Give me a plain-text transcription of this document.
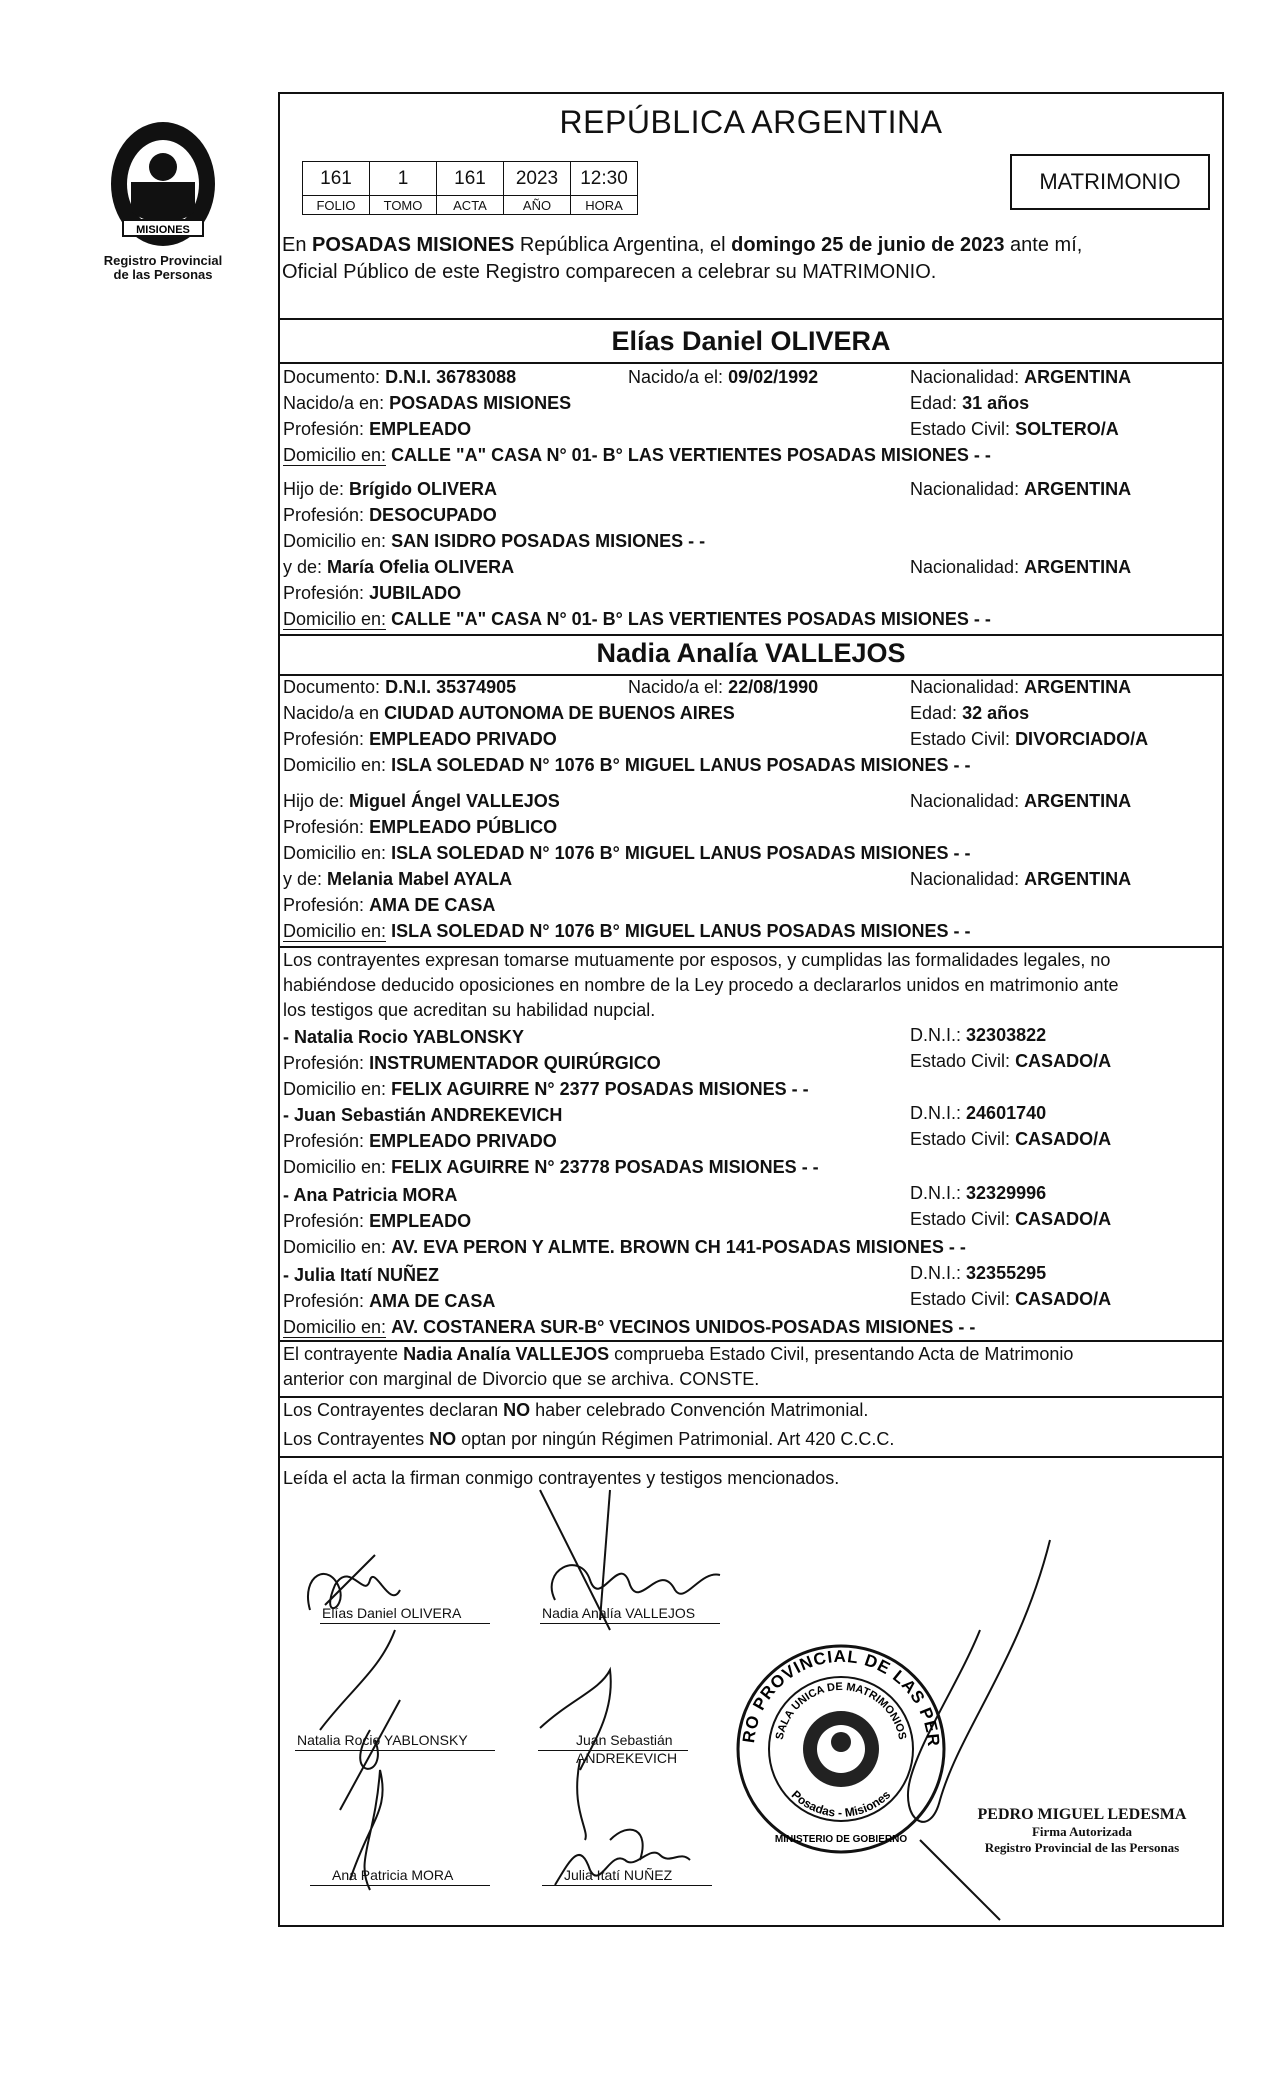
MISIONES
Registro Provincial
de las Personas
REPÚBLICA ARGENTINA
161	1	161	2023	12:30
FOLIO	TOMO	ACTA	AÑO	HORA
MATRIMONIO
En POSADAS MISIONES República Argentina, el domingo 25 de junio de 2023 ante mí,
Oficial Público de este Registro comparecen a celebrar su MATRIMONIO.
Elías Daniel OLIVERA
Documento: D.N.I. 36783088	Nacido/a el: 09/02/1992	Nacionalidad: ARGENTINA
Nacido/a en: POSADAS MISIONES	Edad: 31 años
Profesión: EMPLEADO	Estado Civil: SOLTERO/A
Domicilio en: CALLE "A" CASA N° 01- B° LAS VERTIENTES POSADAS MISIONES - -
Hijo de: Brígido OLIVERA	Nacionalidad: ARGENTINA
Profesión: DESOCUPADO
Domicilio en: SAN ISIDRO POSADAS MISIONES - -
y de: María Ofelia OLIVERA	Nacionalidad: ARGENTINA
Profesión: JUBILADO
Domicilio en: CALLE "A" CASA N° 01- B° LAS VERTIENTES POSADAS MISIONES - -
Nadia Analía VALLEJOS
Documento: D.N.I. 35374905	Nacido/a el: 22/08/1990	Nacionalidad: ARGENTINA
Nacido/a en CIUDAD AUTONOMA DE BUENOS AIRES	Edad: 32 años
Profesión: EMPLEADO PRIVADO	Estado Civil: DIVORCIADO/A
Domicilio en: ISLA SOLEDAD N° 1076 B° MIGUEL LANUS POSADAS MISIONES - -
Hijo de: Miguel Ángel VALLEJOS	Nacionalidad: ARGENTINA
Profesión: EMPLEADO PÚBLICO
Domicilio en: ISLA SOLEDAD N° 1076 B° MIGUEL LANUS POSADAS MISIONES - -
y de: Melania Mabel AYALA	Nacionalidad: ARGENTINA
Profesión: AMA DE CASA
Domicilio en: ISLA SOLEDAD N° 1076 B° MIGUEL LANUS POSADAS MISIONES - -
Los contrayentes expresan tomarse mutuamente por esposos, y cumplidas las formalidades legales, no
habiéndose deducido oposiciones en nombre de la Ley procedo a declararlos unidos en matrimonio ante
los testigos que acreditan su habilidad nupcial.
- Natalia Rocio YABLONSKY	D.N.I.: 32303822
Profesión: INSTRUMENTADOR QUIRÚRGICO	Estado Civil: CASADO/A
Domicilio en: FELIX AGUIRRE N° 2377 POSADAS MISIONES - -
- Juan Sebastián ANDREKEVICH	D.N.I.: 24601740
Profesión: EMPLEADO PRIVADO	Estado Civil: CASADO/A
Domicilio en: FELIX AGUIRRE N° 23778 POSADAS MISIONES - -
- Ana Patricia MORA	D.N.I.: 32329996
Profesión: EMPLEADO	Estado Civil: CASADO/A
Domicilio en: AV. EVA PERON Y ALMTE. BROWN CH 141-POSADAS MISIONES - -
- Julia Itatí NUÑEZ	D.N.I.: 32355295
Profesión: AMA DE CASA	Estado Civil: CASADO/A
Domicilio en: AV. COSTANERA SUR-B° VECINOS UNIDOS-POSADAS MISIONES - -
El contrayente Nadia Analía VALLEJOS comprueba Estado Civil, presentando Acta de Matrimonio
anterior con marginal de Divorcio que se archiva. CONSTE.
Los Contrayentes declaran NO haber celebrado Convención Matrimonial.
Los Contrayentes NO optan por ningún Régimen Patrimonial. Art 420 C.C.C.
Leída el acta la firman conmigo contrayentes y testigos mencionados.
Elías Daniel OLIVERA	Nadia Analía VALLEJOS
Natalia Rocio YABLONSKY	Juan Sebastián
ANDREKEVICH
Ana Patricia MORA	Julia Itatí NUÑEZ
RO PROVINCIAL DE LAS PER
SALA UNICA DE MATRIMONIOS
Posadas - Misiones
MINISTERIO DE GOBIERNO
PEDRO MIGUEL LEDESMA
Firma Autorizada
Registro Provincial de las Personas
